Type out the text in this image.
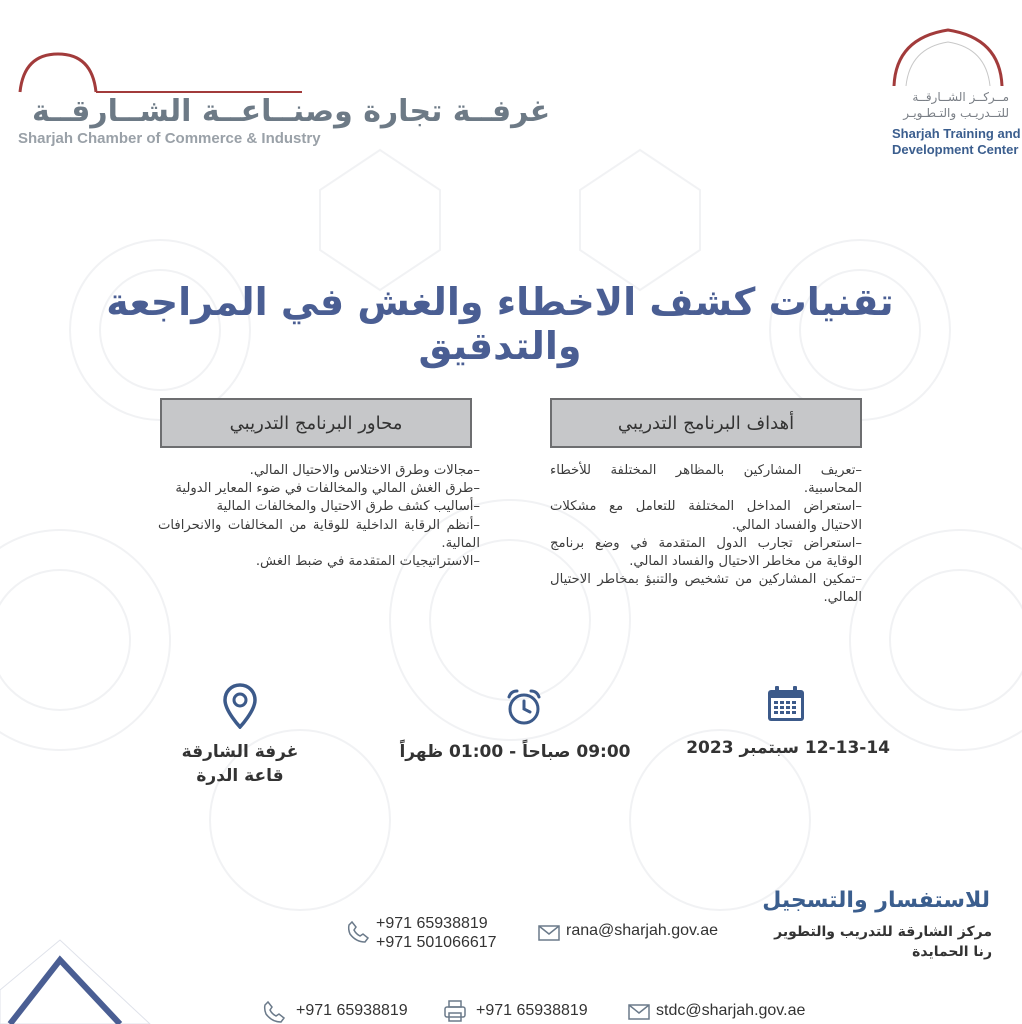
غرفــة تجارة وصنــاعــة الشــارقــة
Sharjah Chamber of Commerce & Industry
مــركــز الشــارقــة
للتــدريـب والتـطـويـر
Sharjah Training and
Development Center
تقنيات كشف الاخطاء والغش في المراجعة والتدقيق
أهداف البرنامج التدريبي
–تعريف المشاركين بالمظاهر المختلفة للأخطاء المحاسبية.
–استعراض المداخل المختلفة للتعامل مع مشكلات الاحتيال والفساد المالي.
–استعراض تجارب الدول المتقدمة في وضع برنامج الوقاية من مخاطر الاحتيال والفساد المالي.
–تمكين المشاركين من تشخيص والتنبؤ بمخاطر الاحتيال المالي.
محاور البرنامج التدريبي
–مجالات وطرق الاختلاس والاحتيال المالي.
–طرق الغش المالي والمخالفات في ضوء المعاير الدولية
–أساليب كشف طرق الاحتيال والمخالفات المالية
–أنظم الرقابة الداخلية للوقاية من المخالفات والانحرافات المالية.
–الاستراتيجيات المتقدمة في ضبط الغش.
12-13-14 سبتمبر 2023
09:00 صباحاً - 01:00 ظهراً
غرفة الشارقة
قاعة الدرة
للاستفسار والتسجيل
مركز الشارقة للتدريب والتطوير
رنا الحمايدة
rana@sharjah.gov.ae
+971 65938819
+971 501066617
stdc@sharjah.gov.ae
+971 65938819
+971 65938819
